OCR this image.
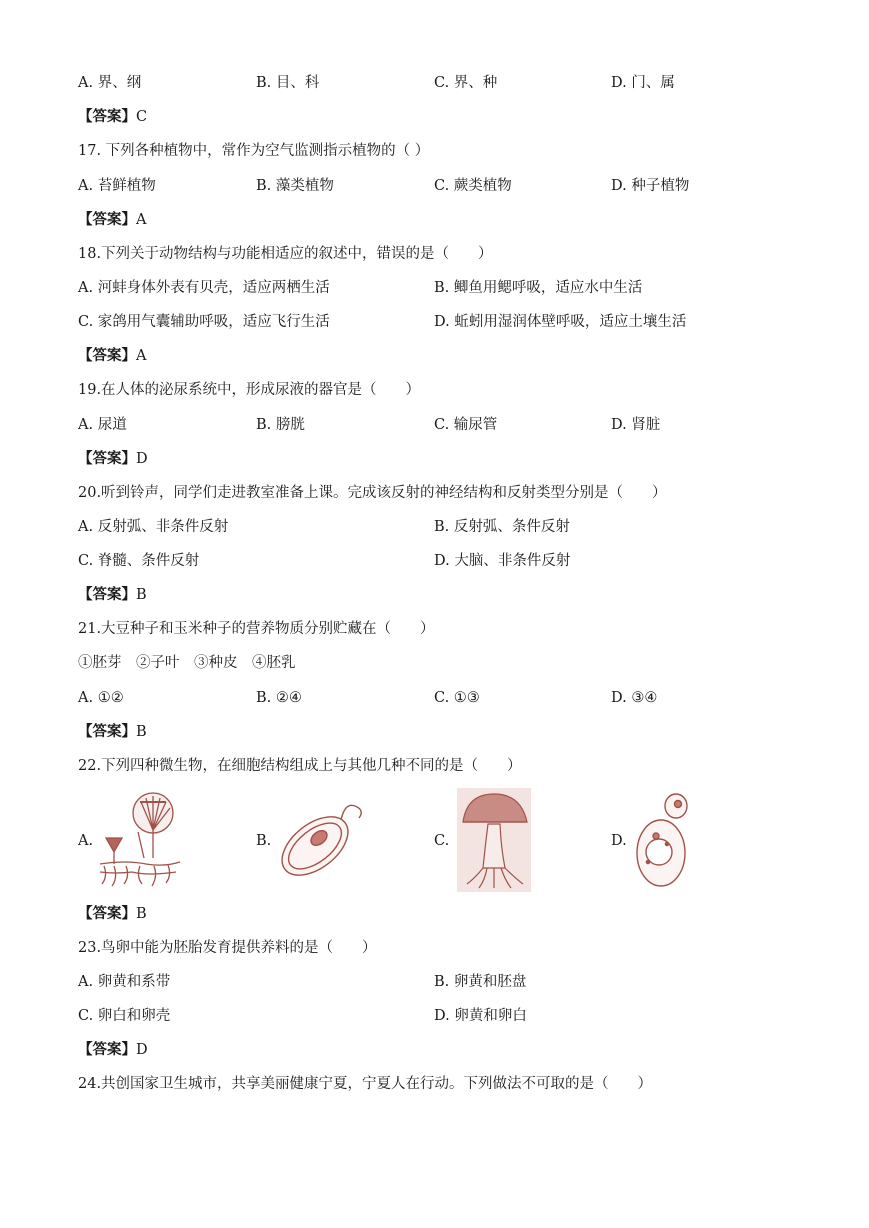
A. 界、纲	B. 目、科	C. 界、种	D. 门、属
【答案】C
17. 下列各种植物中，常作为空气监测指示植物的（ ）
A. 苔鲜植物	B. 藻类植物	C. 蕨类植物	D. 种子植物
【答案】A
18.下列关于动物结构与功能相适应的叙述中，错误的是（　　）
A. 河蚌身体外表有贝壳，适应两栖生活	B. 鲫鱼用鳃呼吸，适应水中生活
C. 家鸽用气囊辅助呼吸，适应飞行生活	D. 蚯蚓用湿润体壁呼吸，适应土壤生活
【答案】A
19.在人体的泌尿系统中，形成尿液的器官是（　　）
A. 尿道	B. 膀胱	C. 输尿管	D. 肾脏
【答案】D
20.听到铃声，同学们走进教室准备上课。完成该反射的神经结构和反射类型分别是（　　）
A. 反射弧、非条件反射	B. 反射弧、条件反射
C. 脊髓、条件反射	D. 大脑、非条件反射
【答案】B
21.大豆种子和玉米种子的营养物质分别贮藏在（　　）
①胚芽　②子叶　③种皮　④胚乳
A. ①②	B. ②④	C. ①③	D. ③④
【答案】B
22.下列四种微生物，在细胞结构组成上与其他几种不同的是（　　）
A.	B.	C.	D.
【答案】B
23.鸟卵中能为胚胎发育提供养料的是（　　）
A. 卵黄和系带	B. 卵黄和胚盘
C. 卵白和卵壳	D. 卵黄和卵白
【答案】D
24.共创国家卫生城市，共享美丽健康宁夏，宁夏人在行动。下列做法不可取的是（　　）
